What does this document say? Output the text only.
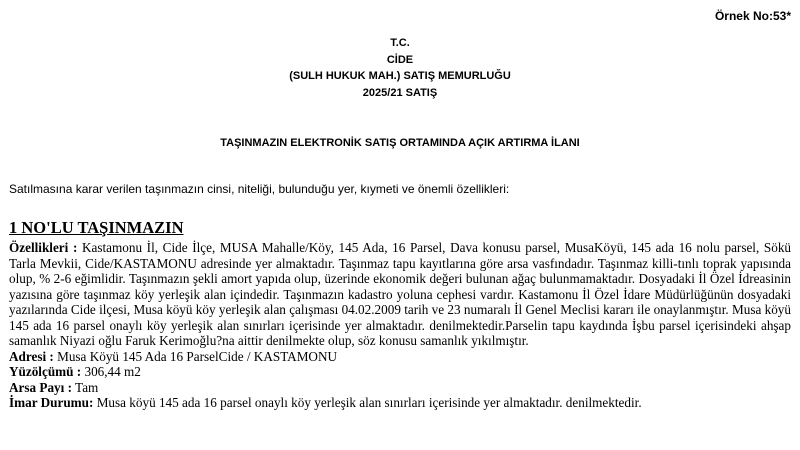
Örnek No:53*
T.C.
CİDE
(SULH HUKUK MAH.) SATIŞ MEMURLUĞU
2025/21 SATIŞ
TAŞINMAZIN ELEKTRONİK SATIŞ ORTAMINDA AÇIK ARTIRMA İLANI
Satılmasına karar verilen taşınmazın cinsi, niteliği, bulunduğu yer, kıymeti ve önemli özellikleri:
1 NO'LU TAŞINMAZIN

Özellikleri : Kastamonu İl, Cide İlçe, MUSA Mahalle/Köy, 145 Ada, 16 Parsel, Dava konusu parsel, MusaKöyü, 145 ada 16 nolu parsel, Sökü Tarla Mevkii, Cide/KASTAMONU adresinde yer almaktadır. Taşınmaz tapu kayıtlarına göre arsa vasfındadır. Taşınmaz killi-tınlı toprak yapısında olup, % 2-6 eğimlidir. Taşınmazın şekli amort yapıda olup, üzerinde ekonomik değeri bulunan ağaç bulunmamaktadır. Dosyadaki İl Özel İdreasinin yazısına göre taşınmaz köy yerleşik alan içindedir. Taşınmazın kadastro yoluna cephesi vardır. Kastamonu İl Özel İdare Müdürlüğünün dosyadaki yazılarında Cide ilçesi, Musa köyü köy yerleşik alan çalışması 04.02.2009 tarih ve 23 numaralı İl Genel Meclisi kararı ile onaylanmıştır. Musa köyü 145 ada 16 parsel onaylı köy yerleşik alan sınırları içerisinde yer almaktadır. denilmektedir.Parselin tapu kaydında İşbu parsel içerisindeki ahşap samanlık Niyazi oğlu Faruk Kerimoğlu?na aittir denilmekte olup, söz konusu samanlık yıkılmıştır.

Adresi : Musa Köyü 145 Ada 16 ParselCide / KASTAMONU

Yüzölçümü : 306,44 m2

Arsa Payı : Tam

İmar Durumu: Musa köyü 145 ada 16 parsel onaylı köy yerleşik alan sınırları içerisinde yer almaktadır. denilmektedir.
